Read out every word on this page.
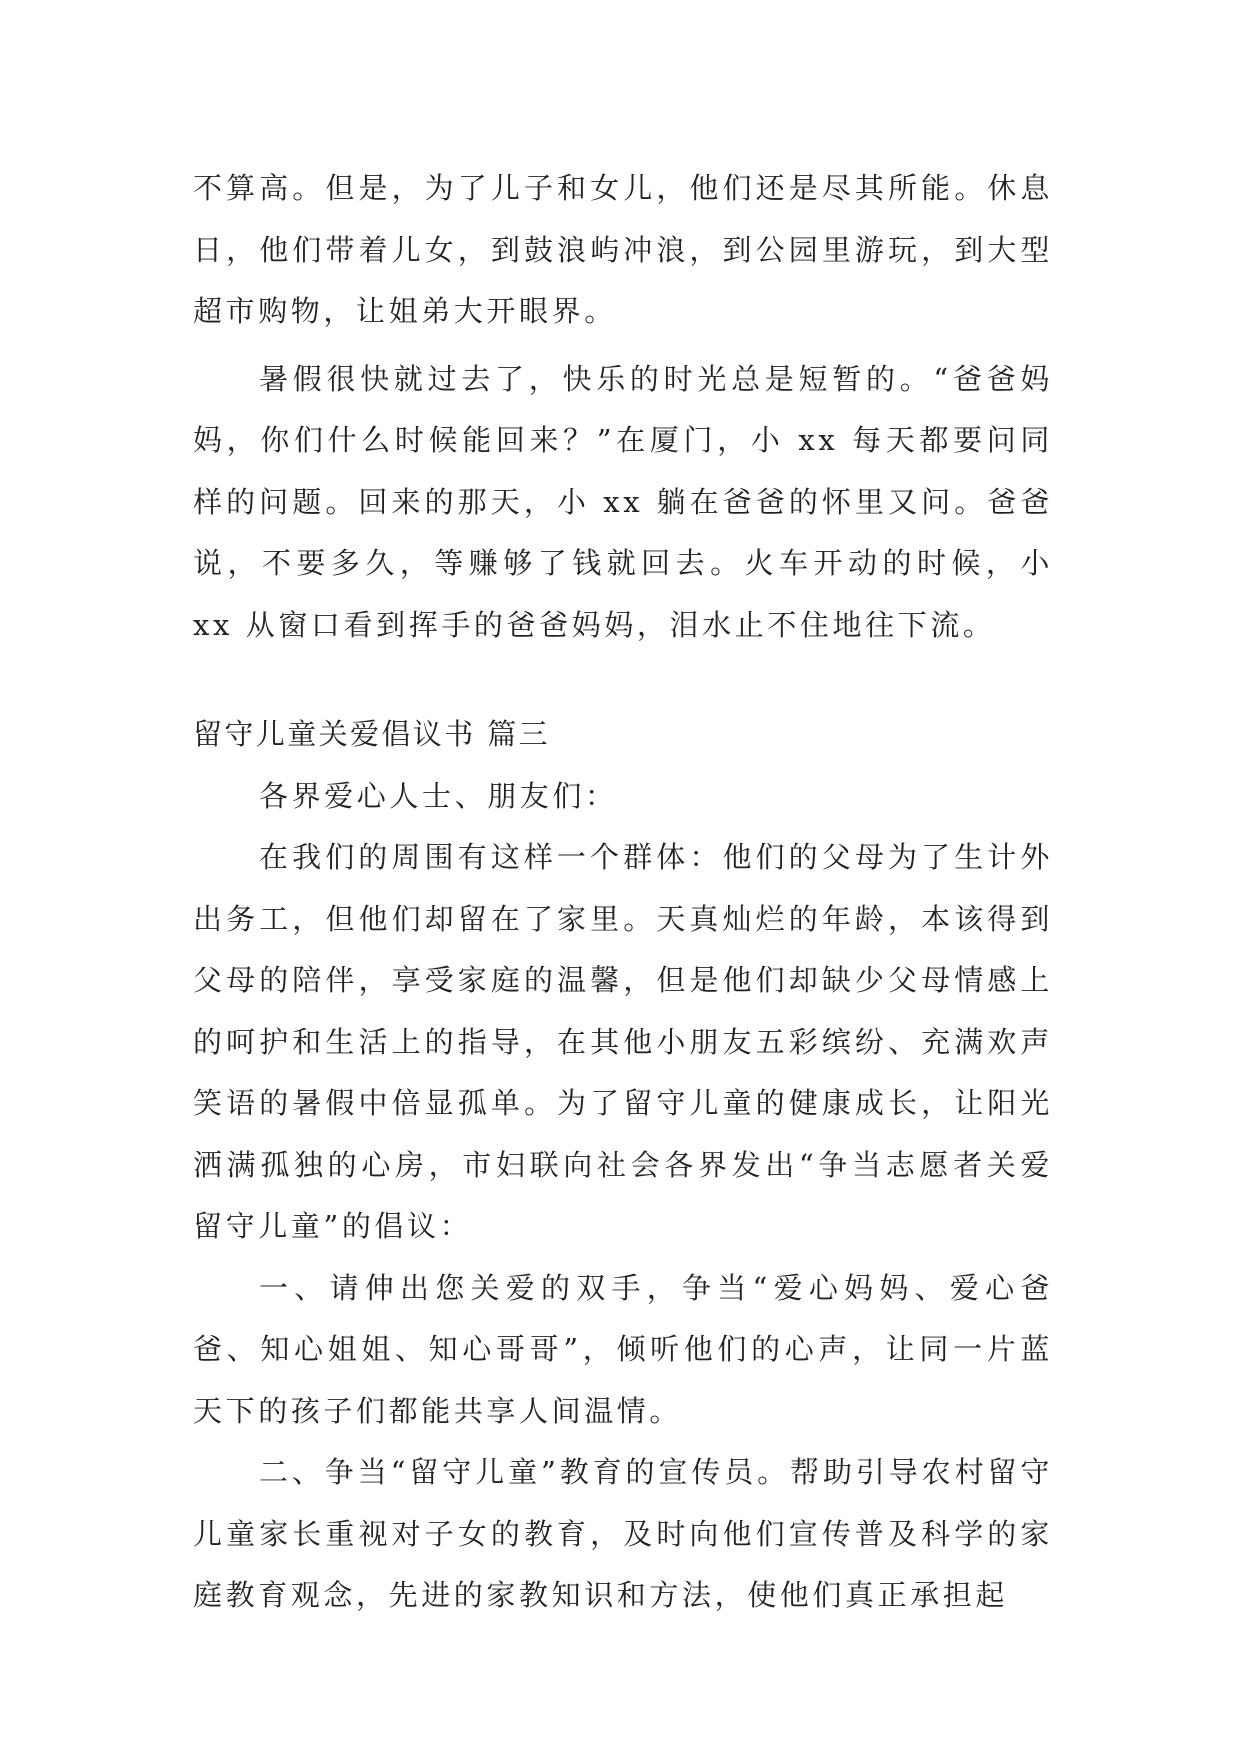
不算高。但是，为了儿子和女儿，他们还是尽其所能。休息日，他们带着儿女，到鼓浪屿冲浪，到公园里游玩，到大型超市购物，让姐弟大开眼界。

暑假很快就过去了，快乐的时光总是短暂的。“爸爸妈妈，你们什么时候能回来？”在厦门，小 xx 每天都要问同样的问题。回来的那天，小 xx 躺在爸爸的怀里又问。爸爸说，不要多久，等赚够了钱就回去。火车开动的时候，小 xx 从窗口看到挥手的爸爸妈妈，泪水止不住地往下流。

留守儿童关爱倡议书 篇三

各界爱心人士、朋友们：

在我们的周围有这样一个群体：他们的父母为了生计外出务工，但他们却留在了家里。天真灿烂的年龄，本该得到父母的陪伴，享受家庭的温馨，但是他们却缺少父母情感上的呵护和生活上的指导，在其他小朋友五彩缤纷、充满欢声笑语的暑假中倍显孤单。为了留守儿童的健康成长，让阳光洒满孤独的心房，市妇联向社会各界发出“争当志愿者关爱留守儿童”的倡议：

一、请伸出您关爱的双手，争当“爱心妈妈、爱心爸爸、知心姐姐、知心哥哥”，倾听他们的心声，让同一片蓝天下的孩子们都能共享人间温情。

二、争当“留守儿童”教育的宣传员。帮助引导农村留守儿童家长重视对子女的教育，及时向他们宣传普及科学的家庭教育观念，先进的家教知识和方法，使他们真正承担起
